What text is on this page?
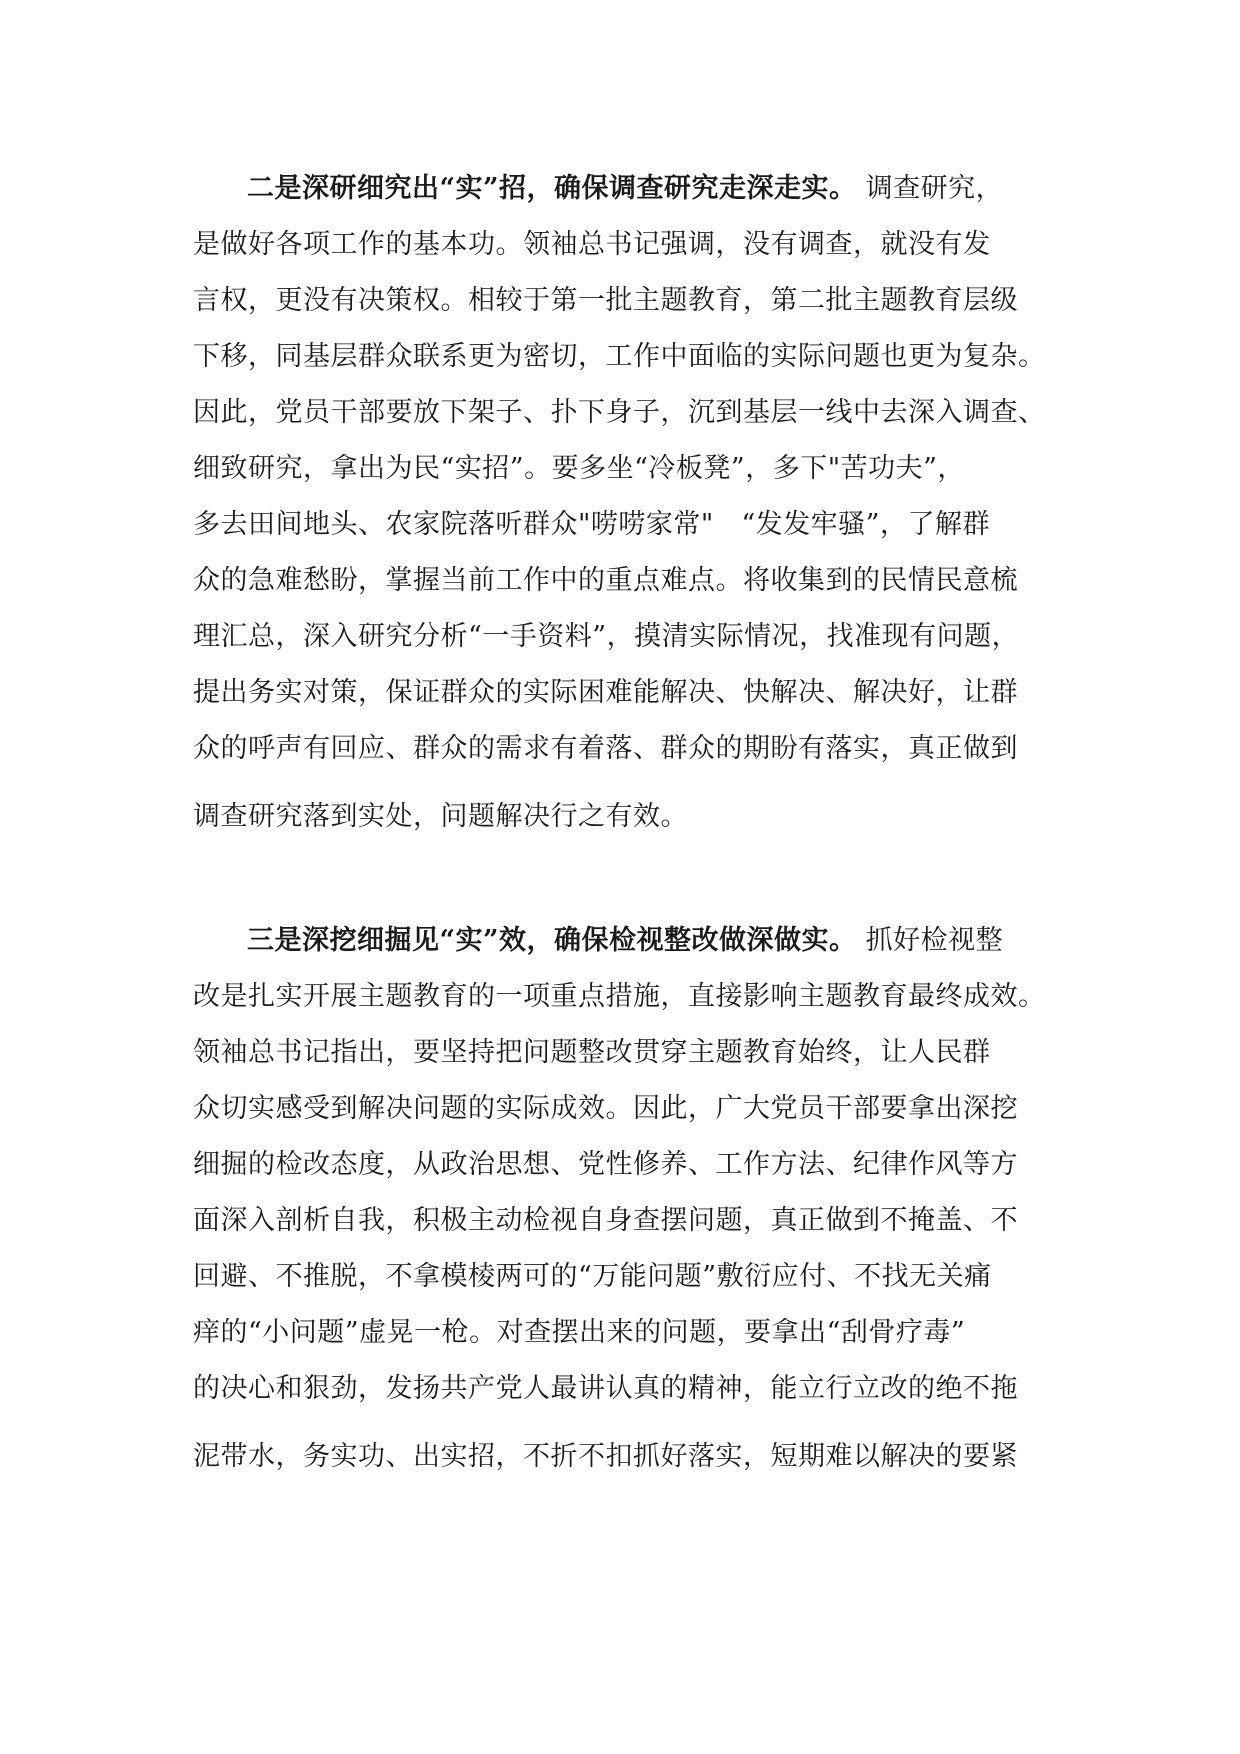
二是深研细究出“实”招，确保调查研究走深走实。 调查研究，
是做好各项工作的基本功。领袖总书记强调，没有调查，就没有发
言权，更没有决策权。相较于第一批主题教育，第二批主题教育层级
下移，同基层群众联系更为密切，工作中面临的实际问题也更为复杂。
因此，党员干部要放下架子、扑下身子，沉到基层一线中去深入调查、
细致研究，拿出为民“实招”。要多坐“冷板凳”，多下"苦功夫”，
多去田间地头、农家院落听群众"唠唠家常"　“发发牢骚”，了解群
众的急难愁盼，掌握当前工作中的重点难点。将收集到的民情民意梳
理汇总，深入研究分析“一手资料”，摸清实际情况，找准现有问题，
提出务实对策，保证群众的实际困难能解决、快解决、解决好，让群
众的呼声有回应、群众的需求有着落、群众的期盼有落实，真正做到
调查研究落到实处，问题解决行之有效。
三是深挖细掘见“实”效，确保检视整改做深做实。 抓好检视整
改是扎实开展主题教育的一项重点措施，直接影响主题教育最终成效。
领袖总书记指出，要坚持把问题整改贯穿主题教育始终，让人民群
众切实感受到解决问题的实际成效。因此，广大党员干部要拿出深挖
细掘的检改态度，从政治思想、党性修养、工作方法、纪律作风等方
面深入剖析自我，积极主动检视自身查摆问题，真正做到不掩盖、不
回避、不推脱，不拿模棱两可的“万能问题”敷衍应付、不找无关痛
痒的“小问题”虚晃一枪。对查摆出来的问题，要拿出“刮骨疗毒”
的决心和狠劲，发扬共产党人最讲认真的精神，能立行立改的绝不拖
泥带水，务实功、出实招，不折不扣抓好落实，短期难以解决的要紧
